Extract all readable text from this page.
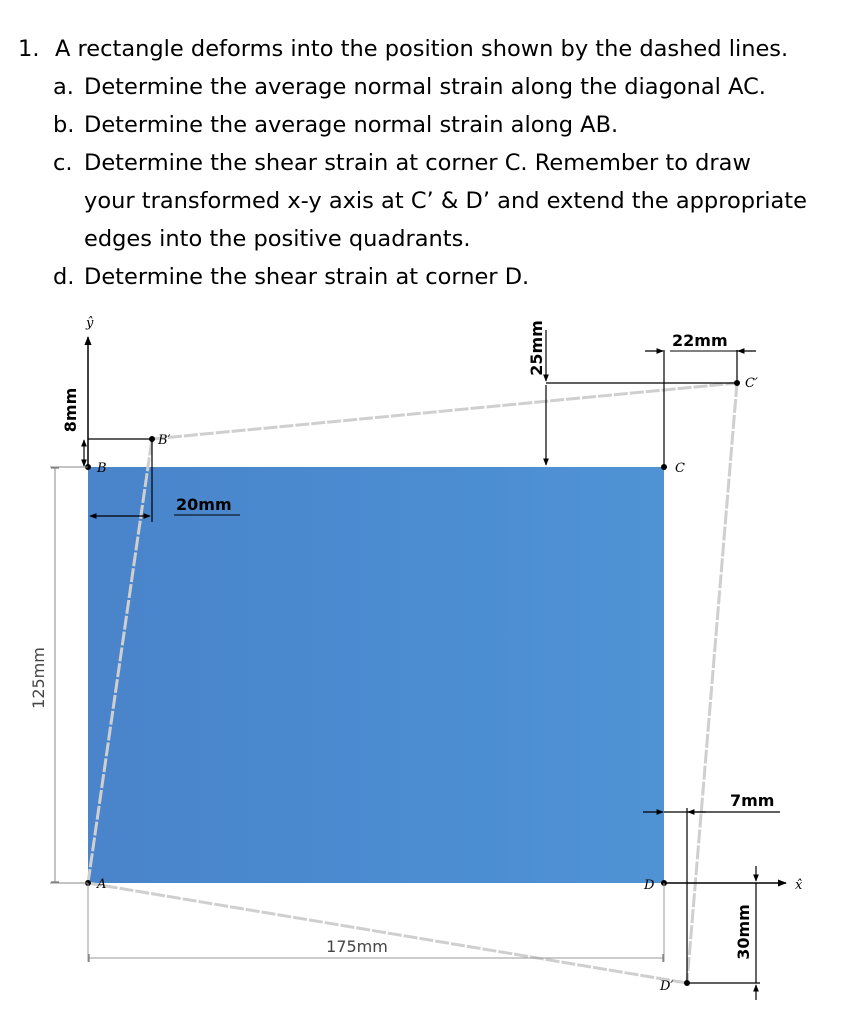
1. A rectangle deforms into the position shown by the dashed lines.
a. Determine the average normal strain along the diagonal AC.
b. Determine the average normal strain along AB.
c. Determine the shear strain at corner C. Remember to draw
your transformed x-y axis at C’ & D’ and extend the appropriate
edges into the positive quadrants.
d. Determine the shear strain at corner D.
ŷ
x̂
A
B	C
D
B′
C′
D′
8mm
20mm
25mm	22mm
7mm
30mm
125mm
175mm
